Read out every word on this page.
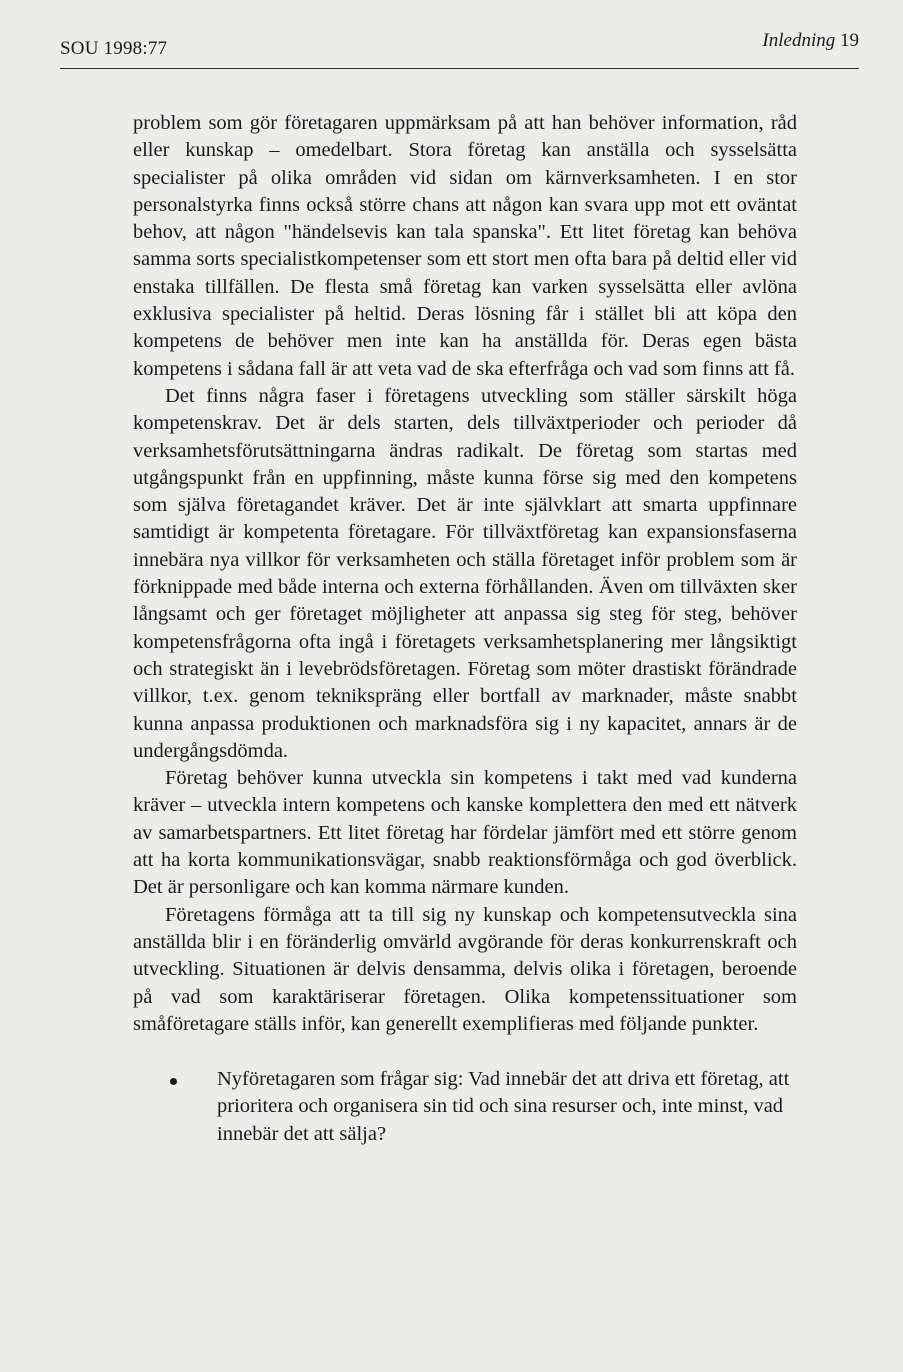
SOU 1998:77	Inledning 19

problem som gör företagaren uppmärksam på att han behöver information, råd eller kunskap – omedelbart. Stora företag kan anställa och sysselsätta specialister på olika områden vid sidan om kärnverksamheten. I en stor personalstyrka finns också större chans att någon kan svara upp mot ett oväntat behov, att någon "händelsevis kan tala spanska". Ett litet företag kan behöva samma sorts specialistkompetenser som ett stort men ofta bara på deltid eller vid enstaka tillfällen. De flesta små företag kan varken sysselsätta eller avlöna exklusiva specialister på heltid. Deras lösning får i stället bli att köpa den kompetens de behöver men inte kan ha anställda för. Deras egen bästa kompetens i sådana fall är att veta vad de ska efterfråga och vad som finns att få.

Det finns några faser i företagens utveckling som ställer särskilt höga kompetenskrav. Det är dels starten, dels tillväxtperioder och perioder då verksamhetsförutsättningarna ändras radikalt. De företag som startas med utgångspunkt från en uppfinning, måste kunna förse sig med den kompetens som själva företagandet kräver. Det är inte självklart att smarta uppfinnare samtidigt är kompetenta företagare. För tillväxtföretag kan expansionsfaserna innebära nya villkor för verksamheten och ställa företaget inför problem som är förknippade med både interna och externa förhållanden. Även om tillväxten sker långsamt och ger företaget möjligheter att anpassa sig steg för steg, behöver kompetensfrågorna ofta ingå i företagets verksamhetsplanering mer långsiktigt och strategiskt än i levebrödsföretagen. Företag som möter drastiskt förändrade villkor, t.ex. genom teknikspräng eller bortfall av marknader, måste snabbt kunna anpassa produktionen och marknadsföra sig i ny kapacitet, annars är de undergångsdömda.

Företag behöver kunna utveckla sin kompetens i takt med vad kunderna kräver – utveckla intern kompetens och kanske komplettera den med ett nätverk av samarbetspartners. Ett litet företag har fördelar jämfört med ett större genom att ha korta kommunikationsvägar, snabb reaktionsförmåga och god överblick. Det är personligare och kan komma närmare kunden.

Företagens förmåga att ta till sig ny kunskap och kompetensutveckla sina anställda blir i en föränderlig omvärld avgörande för deras konkurrenskraft och utveckling. Situationen är delvis densamma, delvis olika i företagen, beroende på vad som karaktäriserar företagen. Olika kompetenssituationer som småföretagare ställs inför, kan generellt exemplifieras med följande punkter.

Nyföretagaren som frågar sig: Vad innebär det att driva ett företag, att prioritera och organisera sin tid och sina resurser och, inte minst, vad innebär det att sälja?
